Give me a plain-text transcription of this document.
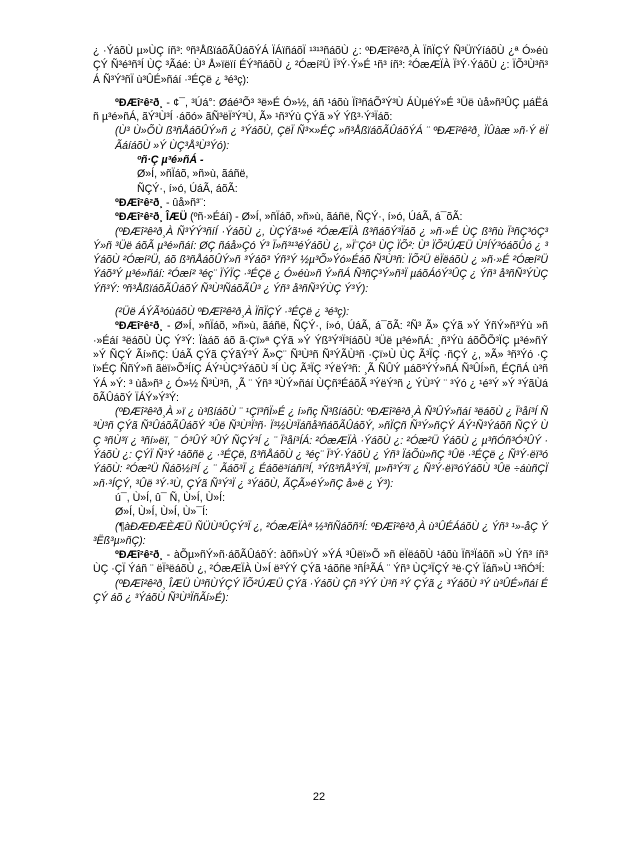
¿ ·ÝáõÙ µ»ÙÇ íñ³: ºñ³ÅßïáõÃÛáõÝÁ ÏÁïñáõÏ ¹³¹³ñáõÙ ¿: ºÐÆî²ê²ð¸À ÏñÏÇÝ Ñ³ÜïÝíáõÙ ¿ª Ó»éùÇÝ Ñ³é³ñ³Í ÙÇ ³Ãáé: Ù³ Å»ïëïí ÉÝ³ñáõÙ ¿ ²Óæí²Ü Ï³Ý·Ý»É ¹ñ³ íñ³: ²ÓæÆÏÀ Ï³Ý·ÝáõÙ ¿: ÏÕ³Ù³ñ³Á Ñ³Ý³ñÏ ù³ÛÉ»ñáí ·³ÉÇë ¿ ³é³ç):

ºÐÆî²ê²ð¸ - ¢¯, ³Úá°: Øáé³Õ³ ³ë»É Ó»½, áñ ¹áõù Ïî³ñáÕ³Ý³Ù ÁÙµéÝ»É ³Üë ùå»ñ³ÛÇ µáËáñ µ³é»ñÁ, ãÝ³Ù³Í ·áõó» ãÑ³ëÏ³Ý³Ù, Ã» ¹ñ³Ýù ÇÝã »Ý Ýß³·Ý³Ïáõ:

(Ù³ Ù»ÕÙ ß³ñÅáõÛÝ»ñ ¿ ³ÝáõÙ, ÇëÏ Ñ³×»ÉÇ »ñ³ÅßïáõÃÛáõÝÁ ¨ ºÐÆî²ê²ð¸ ÏÛàæ »ñ·Ý ëÏÃáíáõÙ »Ý ÙÇ³Å³Ù³Ýó):

ºñ·Ç µ³é»ñÁ -

Ø»Í, »ñÏáõ, »ñ»ù, ãáñë,

ÑÇÝ·, í»ó, ÚáÃ, áõÃ:

ºÐÆî²ê²ð¸ - ûå»ñ³¨:

ºÐÆî²ê²ð¸ ÎÆÜ (ºñ·»Éáí) - Ø»Í, »ñÏáõ, »ñ»ù, ãáñë, ÑÇÝ·, í»ó, ÚáÃ, á¯õÃ:

(ºÐÆî²ê²ð¸À Ñ³ÝÝ³ñíÍ ·ÝáõÙ ¿, ÙÇÝã¹»é ²ÓæÆÏÀ ß³ñáõÝ³Ïáõ ¿ »ñ·»É ÙÇ ß³ñù Ï³ñÇ³óÇ³Ý»ñ ³Üë áõÃ µ³é»ñáí: ØÇ ñáå»Çó Ý³ Ï»ñ³¹³éÝáõÙ ¿, »Ï¨Çó³ ÙÇ ÏÕ²: Ù³ ÏÕ²ÚÆÜ Ù³ÍÝ³óáõÛó ¿ ³ÝáõÙ ²Óæí²Ü, áõ ß³ñÅáõÛÝ»ñ ³Ýáõ³ Ýñ³Ý ½µ³Õ»Ýó»Éáõ Ñ³Ù³ñ: ÏÕ²Ü ëÏëáõÙ ¿ »ñ·»É ²Óæí²Ü Ýáõ³Ý µ³é»ñáí: ²Óæí² ³éç¨ ÏÝÏÇ ·³ÉÇë ¿ Ó»éù»ñ Ý»ñÁ Ñ³ñÇ³Ý»ñ³Ï µáõÁóÝ³ÛÇ ¿ Ýñ³ å³ñÑ³ÝÙÇ Ýñ³Ý: ºñ³ÅßïáõÃÛáõÝ Ñ³Ù³ÑáõÃÛ³ ¿ Ýñ³ å³ñÑ³ÝÙÇ Ý³Ý):

(²Üë ÁÝÃ³óùáõÙ ºÐÆî²ê²ð¸À ÏñÏÇÝ ·³ÉÇë ¿ ³é³ç):

ºÐÆî²ê²ð¸ - Ø»Í, »ñÏáõ, »ñ»ù, ãáñë, ÑÇÝ·, í»ó, ÚáÃ, á¯õÃ: ²Ñ³ Ã» ÇÝã »Ý ÝñÝ»ñ³Ýù »ñ·»Éáí ³ëáõÙ ÙÇ Ý³Ý: Ïàáõ áõ ã·Çï»ª ÇÝã »Ý Ýß³Ý³Ï³íáõÙ ³Üë µ³é»ñÁ: ¸ñ³Ýù áõÕÕ³ÏÇ µ³é»ñÝ »Ý ÑÇÝ Ãí»ñÇ: ÚáÃ ÇÝã ÇÝãÝ³Ý Ã»Ç¨ Ñ³Ù³ñ Ñ³ÝÃÙ³ñ ·Çï»Ù ÙÇ Ã³ÏÇ ·ñÇÝ ¿, »Ã» ³ñ³Ýó ·Çï»ÉÇ ÑñÝ»ñ ãëï»Õ³ÍíÇ ÁÝ¹ÙÇ³ÝáõÙ ³Í ÙÇ Ã³ÏÇ ³ÝëÝ³ñ: ¸Ã ÑÛÝ µáõ³ÝÝ»ñÁ Ñ³ÛÍ»ñ, ÉÇñÁ ù³ñÝÁ »Ý: ³ ùå»ñ³ ¿ Ó»½ Ñ³Ù³ñ, ¸Ã ¨ Ýñ³ ³ÙÝ»ñáí ÙÇñ³ÉáõÃ ³ÝëÝ³ñ ¿ ÝÙ³Ý ¨ ³Ýó ¿ ¹é³Ý »Ý ³ÝãÙáõÃÛáõÝ ÏÁÝ»Ý³Ý:

(ºÐÆî²ê²ð¸À »ï ¿ ù³ßíáõÙ ¨ ¹Çï³ñÏ»É ¿ í»ñç Ñ³ßíáõÙ: ºÐÆî²ê²ð¸À Ñ³ÛÝ»ñáí ³ëáõÙ ¿ Ï³åí³Í Ñ³Ù³ñ ÇÝã Ñ³ÛáõÃÛáõÝ ³Ûë Ñ³Ù³Ï³ñ· Ï³½Ù³Ïáñå³ñáõÃÛáõÝ, »ñÏÇñ Ñ³Ý»ñÇÝ ÁÝ¹Ñ³Ýáõñ ÑÇÝ ÙÇ ³ñÙ³ï ¿ ³ñí»ëï, ¨ Ó³ÛÝ ³ÛÝ ÑÇÝ³Í ¿ ¨ Ï³åí³ÍÁ: ²ÓæÆÏÀ ·ÝáõÙ ¿: ²Óæ²Ü ÝáõÙ ¿ µ³ñÓñ³Ó³ÛÝ ·ÝáõÙ ¿: ÇÝÏ Ñ³Ý ¹áõñë ¿ ·³ÉÇë, ß³ñÅáõÙ ¿ ³éç¨ Ï³Ý·ÝáõÙ ¿ Ýñ³ ÏáÕù»ñÇ ³Ûë ·³ÉÇë ¿ Ñ³Ý·ëï³óÝáõÙ: ²Óæ²Ü Ñáõ½í³Í ¿ ¨ Ãáõ³Ï ¿ Éáõë³íáñí³Í, ³Ýß³ñÅ³Ý³Ï, µ»ñ³Ý³ï ¿ Ñ³Ý·ëï³óÝáõÙ ³Ûë ÷áùñÇÏ »ñ·³ÍÇÝ, ³Ûë ³Ý·³Ù, ÇÝã Ñ³Ý³Ï ¿ ³ÝáõÙ, ÃÇÃ»éÝ»ñÇ å»ë ¿ Ý³):

ú¯, Ù»Í, û¯ Ñ, Ù»Í, Ù»Í:

Ø»Í, Ù»Í, Ù»Í, Ù»¯Í:

(¶àÐÆÐÆÈÆÜ ÑÜÙ³ÛÇÝ³Ï ¿, ²ÓæÆÏÀª ½³ñÑáõñ³Í: ºÐÆî²ê²ð¸À ù³ÛÉÁáõÙ ¿ Ýñ³ ¹»-åÇ Ý³Ëß³µ»ñÇ):

ºÐÆî²ê²ð¸ - àÕµ»ñÝ»ñ·áõÃÛáõÝ: àõñ»ÙÝ »ÝÁ ³Ûëï»Õ »ñ ëÏëáõÙ ¹áõù Ïñ³Ïáõñ »Ù Ýñ³ íñ³ ÙÇ ·ÇÏ Ýáñ ¨ ëÏ³ëáõÙ ¿, ²ÓæÆÏÀ Ù»Í ë³ÝÝ ÇÝã ¹áõñë ³ñÍ³ÃÁ ¨ Ýñ³ ÙÇ³ÏÇÝ ³ë·ÇÝ Ïáñ»Ù ¹³ñÓ³Í:

(ºÐÆî²ê²ð¸ ÎÆÜ Ù³ñÙÝÇÝ ÏÕ²ÚÆÜ ÇÝã ·ÝáõÙ Çñ ³ÝÝ Ù³ñ ³Ý ÇÝã ¿ ³ÝáõÙ ³Ý ù³ÛÉ»ñáí ÉÇÝ áõ ¿ ³ÝáõÙ Ñ³Ù³ÏñÃí»É):

22
